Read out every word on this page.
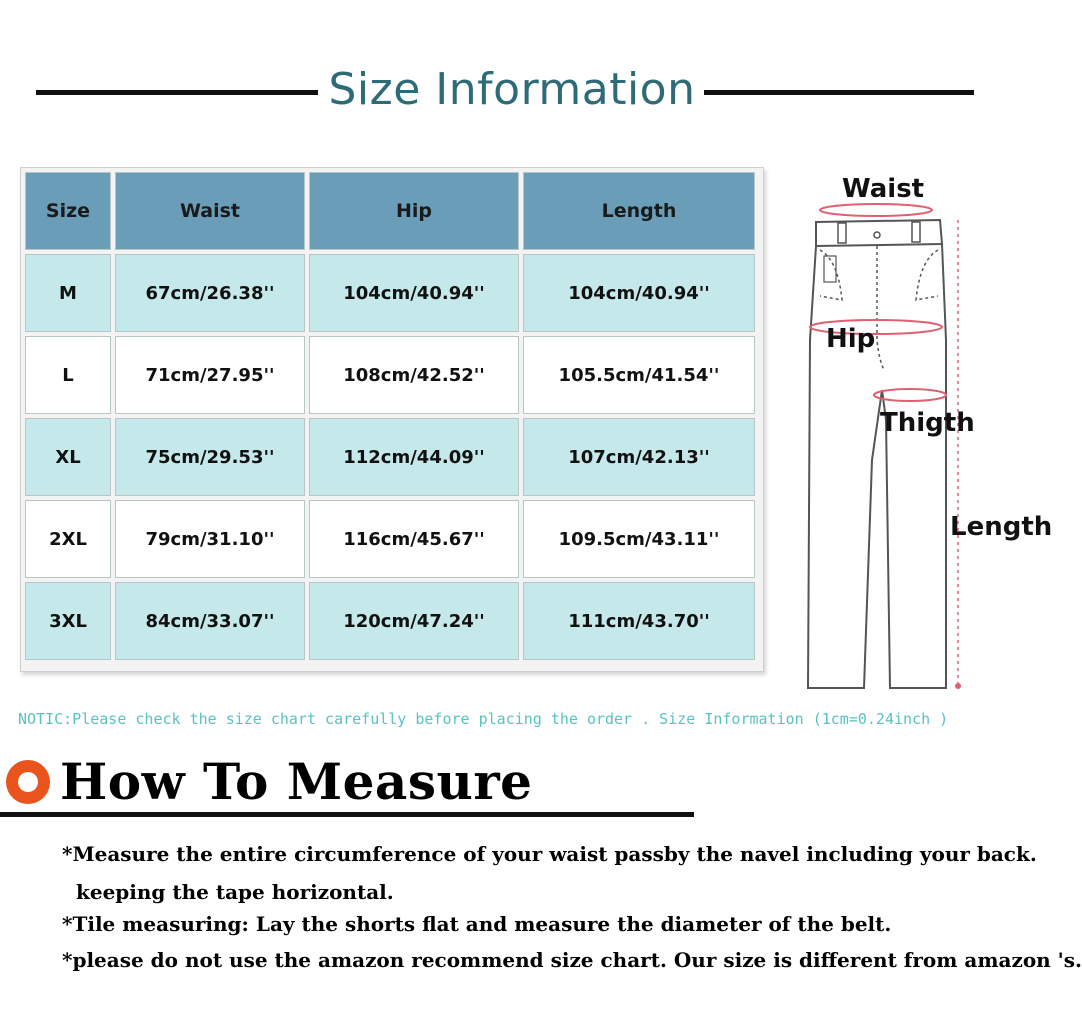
Size Information
Size	Waist	Hip	Length
M	67cm/26.38''	104cm/40.94''	104cm/40.94''
L	71cm/27.95''	108cm/42.52''	105.5cm/41.54''
XL	75cm/29.53''	112cm/44.09''	107cm/42.13''
2XL	79cm/31.10''	116cm/45.67''	109.5cm/43.11''
3XL	84cm/33.07''	120cm/47.24''	111cm/43.70''
Waist
Hip
Thigth
Length
NOTIC:Please check the size chart carefully before placing the order . Size Information (1cm=0.24inch )
How To Measure
*Measure the entire circumference of your waist passby the navel including your back.
keeping the tape horizontal.
*Tile measuring: Lay the shorts flat and measure the diameter of the belt.
*please do not use the amazon recommend size chart. Our size is different from amazon 's.
